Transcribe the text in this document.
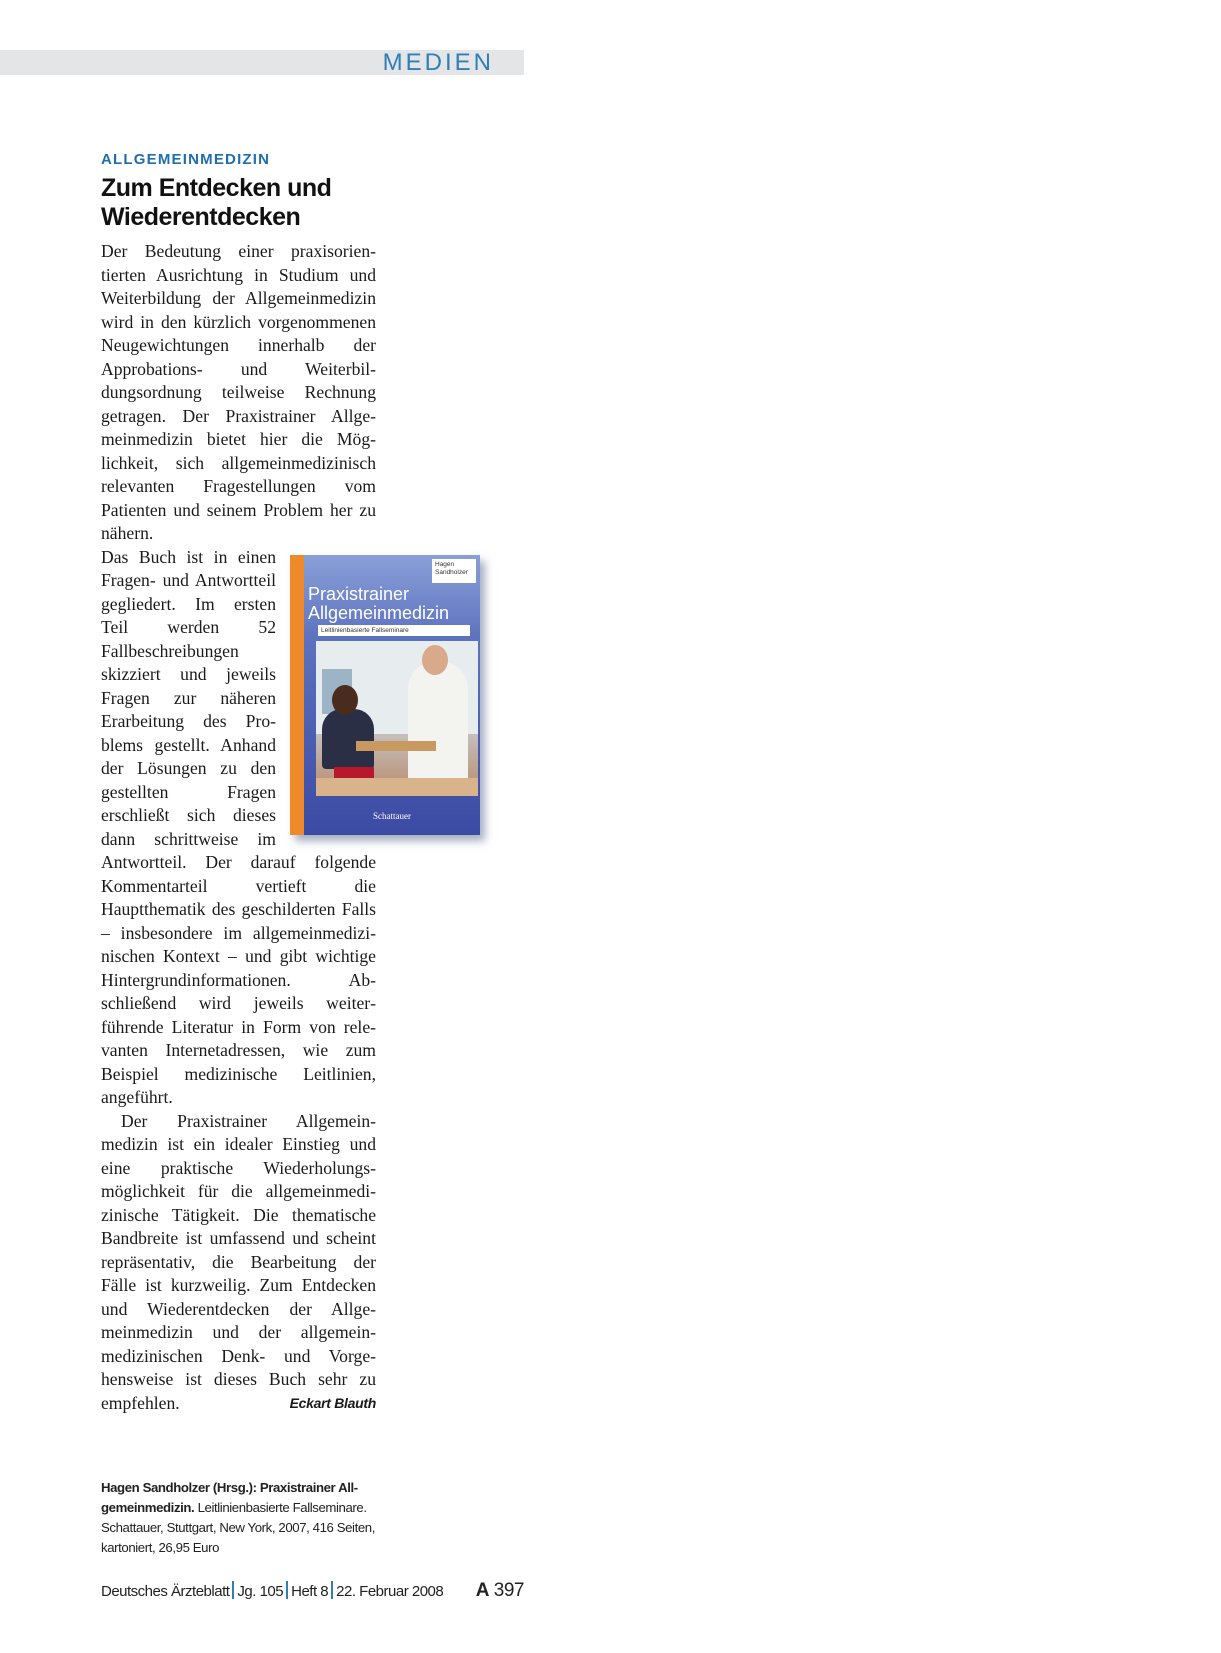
MEDIEN
ALLGEMEINMEDIZIN
Zum Entdecken und
Wiederentdecken

Der Bedeutung einer praxisorientierten Ausrichtung in Studium und Weiterbildung der Allgemeinmedizin wird in den kürzlich vorgenommenen Neugewichtungen innerhalb der Approbations- und Weiterbildungsordnung teilweise Rechnung getragen. Der Praxistrainer Allgemeinmedizin bietet hier die Möglichkeit, sich allgemeinmedizinisch relevanten Fragestellungen vom Patienten und seinem Problem her zu nähern.

Hagen
Sandholzer
Praxistrainer
Allgemeinmedizin
Leitlinienbasierte Fallseminare
Schattauer

Das Buch ist in einen Fragen- und Antwortteil gegliedert. Im ersten Teil werden 52 Fallbeschreibungen skizziert und jeweils Fragen zur näheren Erarbeitung des Problems gestellt. Anhand der Lösungen zu den gestellten Fragen erschließt sich dieses dann schrittweise im Antwortteil. Der darauf folgende Kommentarteil vertieft die Hauptthematik des geschilderten Falls – insbesondere im allgemeinmedizinischen Kontext – und gibt wichtige Hintergrundinformationen. Abschließend wird jeweils weiterführende Literatur in Form von relevanten Internetadressen, wie zum Beispiel medizinische Leitlinien, angeführt.

Der Praxistrainer Allgemeinmedizin ist ein idealer Einstieg und eine praktische Wiederholungsmöglichkeit für die allgemeinmedizinische Tätigkeit. Die thematische Bandbreite ist umfassend und scheint repräsentativ, die Bearbeitung der Fälle ist kurzweilig. Zum Entdecken und Wiederentdecken der Allgemeinmedizin und der allgemeinmedizinischen Denk- und Vorgehensweise ist dieses Buch sehr zu empfehlen.	Eckart Blauth

Hagen Sandholzer (Hrsg.): Praxistrainer Allgemeinmedizin. Leitlinienbasierte Fallseminare. Schattauer, Stuttgart, New York, 2007, 416 Seiten, kartoniert, 26,95 Euro

Deutsches Ärzteblatt Jg. 105 Heft 8 22. Februar 2008 A 397
